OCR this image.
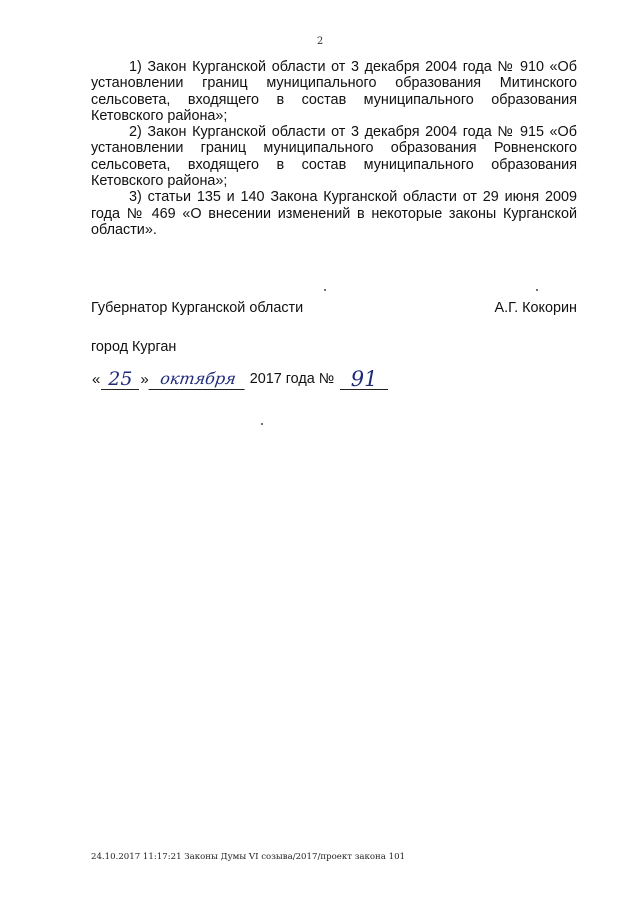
2

1) Закон Курганской области от 3 декабря 2004 года № 910 «Об установлении границ муниципального образования Митинского сельсовета, входящего в состав муниципального образования Кетовского района»;

2) Закон Курганской области от 3 декабря 2004 года № 915 «Об установлении границ муниципального образования Ровненского сельсовета, входящего в состав муниципального образования Кетовского района»;

3) статьи 135 и 140 Закона Курганской области от 29 июня 2009 года № 469 «О внесении изменений в некоторые законы Курганской области».

Губернатор Курганской области	А.Г. Кокорин
город Курган
« 25 » октября 2017 года № 91
24.10.2017 11:17:21 Законы Думы VI созыва/2017/проект закона 101
